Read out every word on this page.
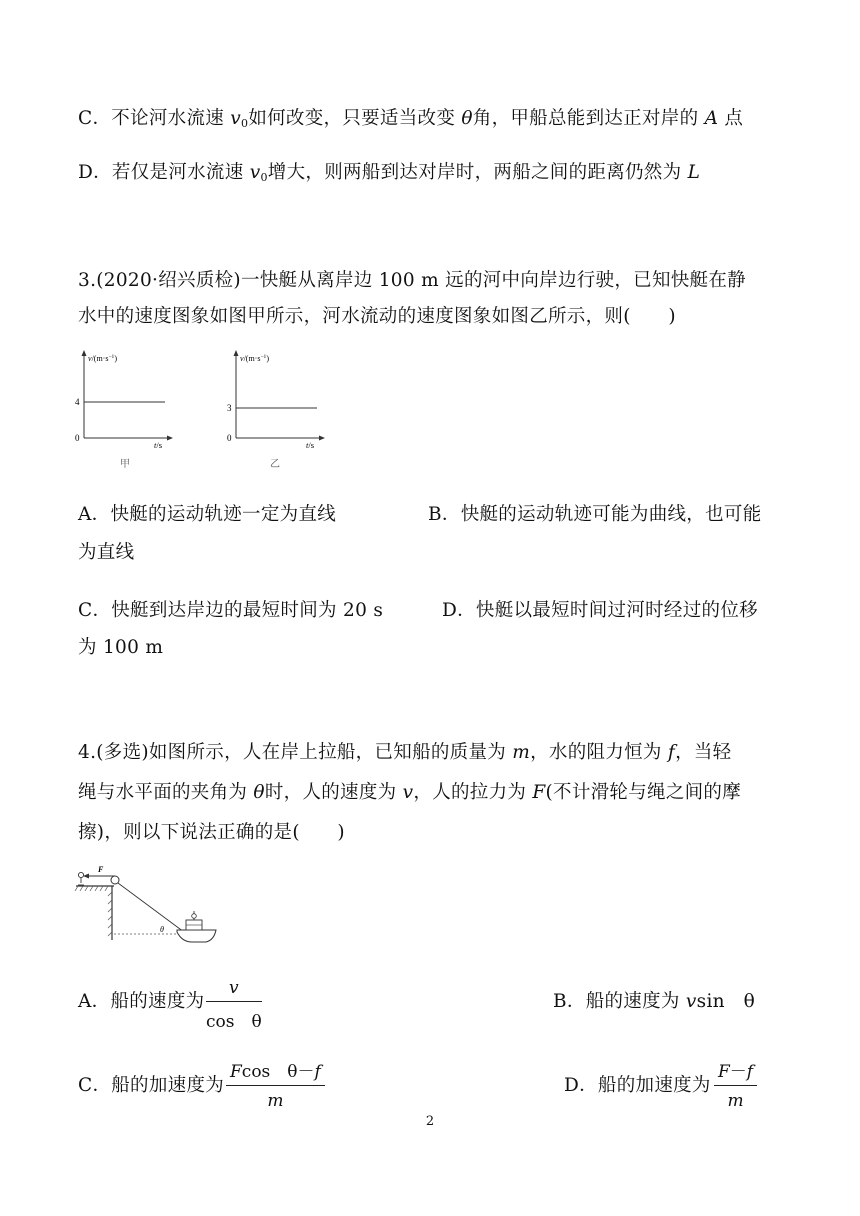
C．不论河水流速 $v_0$如何改变，只要适当改变 θ角，甲船总能到达正对岸的 A 点
D．若仅是河水流速 $v_0$增大，则两船到达对岸时，两船之间的距离仍然为 L
3.(2020·绍兴质检)一快艇从离岸边 100 m 远的河中向岸边行驶，已知快艇在静
水中的速度图象如图甲所示，河水流动的速度图象如图乙所示，则(　　)
$v/(m\cdot s^{-1})$
4
0
t/s
甲
$v/(m\cdot s^{-1})$
3
0
t/s
乙
A．快艇的运动轨迹一定为直线	B．快艇的运动轨迹可能为曲线，也可能
为直线
C．快艇到达岸边的最短时间为 20 s	D．快艇以最短时间过河时经过的位移
为 100 m
4.(多选)如图所示，人在岸上拉船，已知船的质量为 m，水的阻力恒为 f，当轻
绳与水平面的夹角为 θ时，人的速度为 v，人的拉力为 F(不计滑轮与绳之间的摩
擦)，则以下说法正确的是(　　)
F
θ
A．船的速度为 $\frac{v}{\text{cos　θ}}$	B．船的速度为 vsin　θ
C．船的加速度为 $\frac{\text{Fcos　θ－f}}{m}$	D．船的加速度为 $\frac{F-f}{m}$
2
